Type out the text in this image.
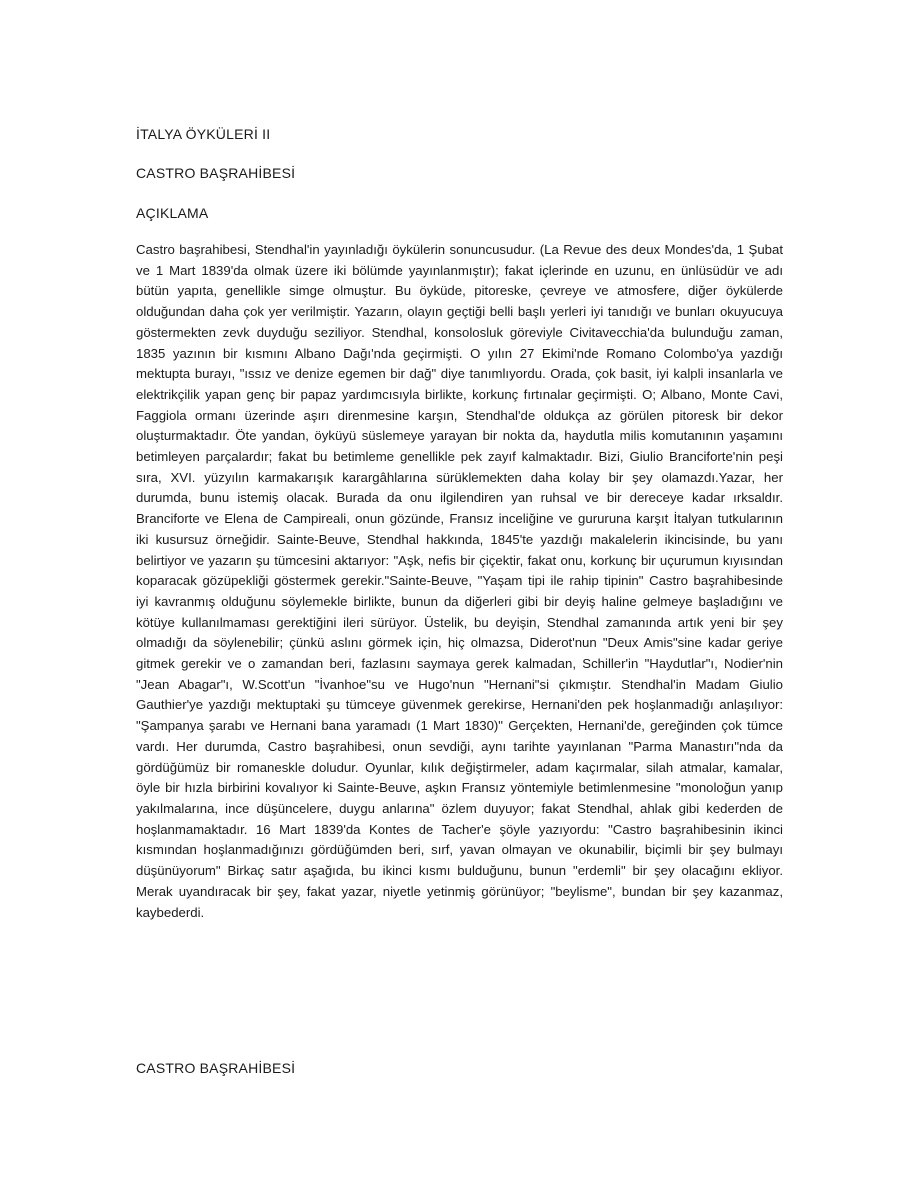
İTALYA ÖYKÜLERİ II
CASTRO BAŞRAHİBESİ
AÇIKLAMA
Castro başrahibesi, Stendhal'in yayınladığı öykülerin sonuncusudur. (La Revue des deux Mondes'da, 1 Şubat ve 1 Mart 1839'da olmak üzere iki bölümde yayınlanmıştır); fakat içlerinde en uzunu, en ünlüsüdür ve adı bütün yapıta, genellikle simge olmuştur. Bu öyküde, pitoreske, çevreye ve atmosfere, diğer öykülerde olduğundan daha çok yer verilmiştir. Yazarın, olayın geçtiği belli başlı yerleri iyi tanıdığı ve bunları okuyucuya göstermekten zevk duyduğu seziliyor. Stendhal, konsolosluk göreviyle Civitavecchia'da bulunduğu zaman, 1835 yazının bir kısmını Albano Dağı'nda geçirmişti. O yılın 27 Ekimi'nde Romano Colombo'ya yazdığı mektupta burayı, "ıssız ve denize egemen bir dağ" diye tanımlıyordu. Orada, çok basit, iyi kalpli insanlarla ve elektrikçilik yapan genç bir papaz yardımcısıyla birlikte, korkunç fırtınalar geçirmişti. O; Albano, Monte Cavi, Faggiola ormanı üzerinde aşırı direnmesine karşın, Stendhal'de oldukça az görülen pitoresk bir dekor oluşturmaktadır. Öte yandan, öyküyü süslemeye yarayan bir nokta da, haydutla milis komutanının yaşamını betimleyen parçalardır; fakat bu betimleme genellikle pek zayıf kalmaktadır. Bizi, Giulio Branciforte'nin peşi sıra, XVI. yüzyılın karmakarışık karargâhlarına sürüklemekten daha kolay bir şey olamazdı.Yazar, her durumda, bunu istemiş olacak. Burada da onu ilgilendiren yan ruhsal ve bir dereceye kadar ırksaldır. Branciforte ve Elena de Campireali, onun gözünde, Fransız inceliğine ve gururuna karşıt İtalyan tutkularının iki kusursuz örneğidir. Sainte-Beuve, Stendhal hakkında, 1845'te yazdığı makalelerin ikincisinde, bu yanı belirtiyor ve yazarın şu tümcesini aktarıyor: "Aşk, nefis bir çiçektir, fakat onu, korkunç bir uçurumun kıyısından koparacak gözüpekliği göstermek gerekir."Sainte-Beuve, "Yaşam tipi ile rahip tipinin" Castro başrahibesinde iyi kavranmış olduğunu söylemekle birlikte, bunun da diğerleri gibi bir deyiş haline gelmeye başladığını ve kötüye kullanılmaması gerektiğini ileri sürüyor. Üstelik, bu deyişin, Stendhal zamanında artık yeni bir şey olmadığı da söylenebilir; çünkü aslını görmek için, hiç olmazsa, Diderot'nun "Deux Amis"sine kadar geriye gitmek gerekir ve o zamandan beri, fazlasını saymaya gerek kalmadan, Schiller'in "Haydutlar"ı, Nodier'nin "Jean Abagar"ı, W.Scott'un "İvanhoe"su ve Hugo'nun "Hernani"si çıkmıştır. Stendhal'in Madam Giulio Gauthier'ye yazdığı mektuptaki şu tümceye güvenmek gerekirse, Hernani'den pek hoşlanmadığı anlaşılıyor: "Şampanya şarabı ve Hernani bana yaramadı (1 Mart 1830)" Gerçekten, Hernani'de, gereğinden çok tümce vardı. Her durumda, Castro başrahibesi, onun sevdiği, aynı tarihte yayınlanan "Parma Manastırı"nda da gördüğümüz bir romaneskle doludur. Oyunlar, kılık değiştirmeler, adam kaçırmalar, silah atmalar, kamalar, öyle bir hızla birbirini kovalıyor ki Sainte-Beuve, aşkın Fransız yöntemiyle betimlenmesine "monoloğun yanıp yakılmalarına, ince düşüncelere, duygu anlarına" özlem duyuyor; fakat Stendhal, ahlak gibi kederden de hoşlanmamaktadır. 16 Mart 1839'da Kontes de Tacher'e şöyle yazıyordu: "Castro başrahibesinin ikinci kısmından hoşlanmadığınızı gördüğümden beri, sırf, yavan olmayan ve okunabilir, biçimli bir şey bulmayı düşünüyorum" Birkaç satır aşağıda, bu ikinci kısmı bulduğunu, bunun "erdemli" bir şey olacağını ekliyor. Merak uyandıracak bir şey, fakat yazar, niyetle yetinmiş görünüyor; "beylisme", bundan bir şey kazanmaz, kaybederdi.
CASTRO BAŞRAHİBESİ
